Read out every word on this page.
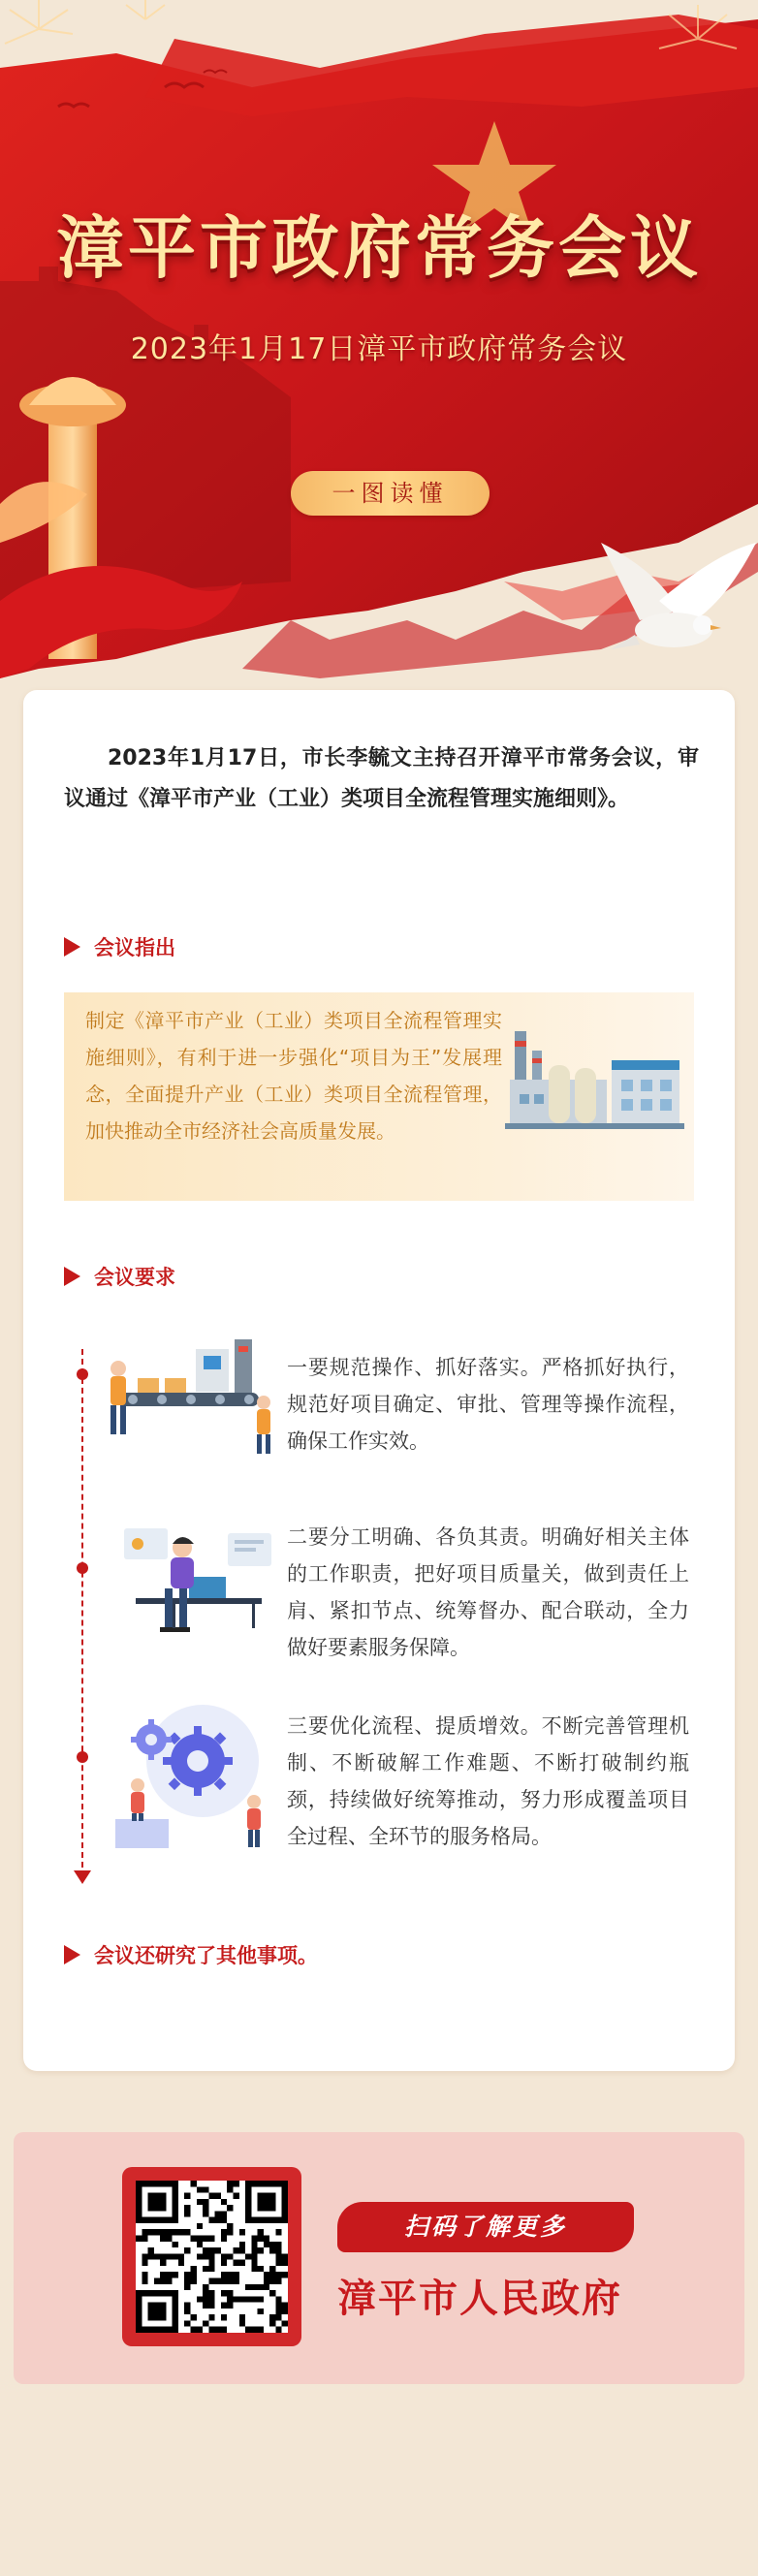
漳平市政府常务会议
2023年1月17日漳平市政府常务会议
一图读懂

2023年1月17日，市长李毓文主持召开漳平市常务会议，审议通过《漳平市产业（工业）类项目全流程管理实施细则》。

会议指出

制定《漳平市产业（工业）类项目全流程管理实施细则》，有利于进一步强化“项目为王”发展理念，全面提升产业（工业）类项目全流程管理，加快推动全市经济社会高质量发展。

会议要求

一要规范操作、抓好落实。严格抓好执行，规范好项目确定、审批、管理等操作流程，确保工作实效。

二要分工明确、各负其责。明确好相关主体的工作职责，把好项目质量关，做到责任上肩、紧扣节点、统筹督办、配合联动，全力做好要素服务保障。

三要优化流程、提质增效。不断完善管理机制、不断破解工作难题、不断打破制约瓶颈，持续做好统筹推动，努力形成覆盖项目全过程、全环节的服务格局。

会议还研究了其他事项。
扫码了解更多
漳平市人民政府
